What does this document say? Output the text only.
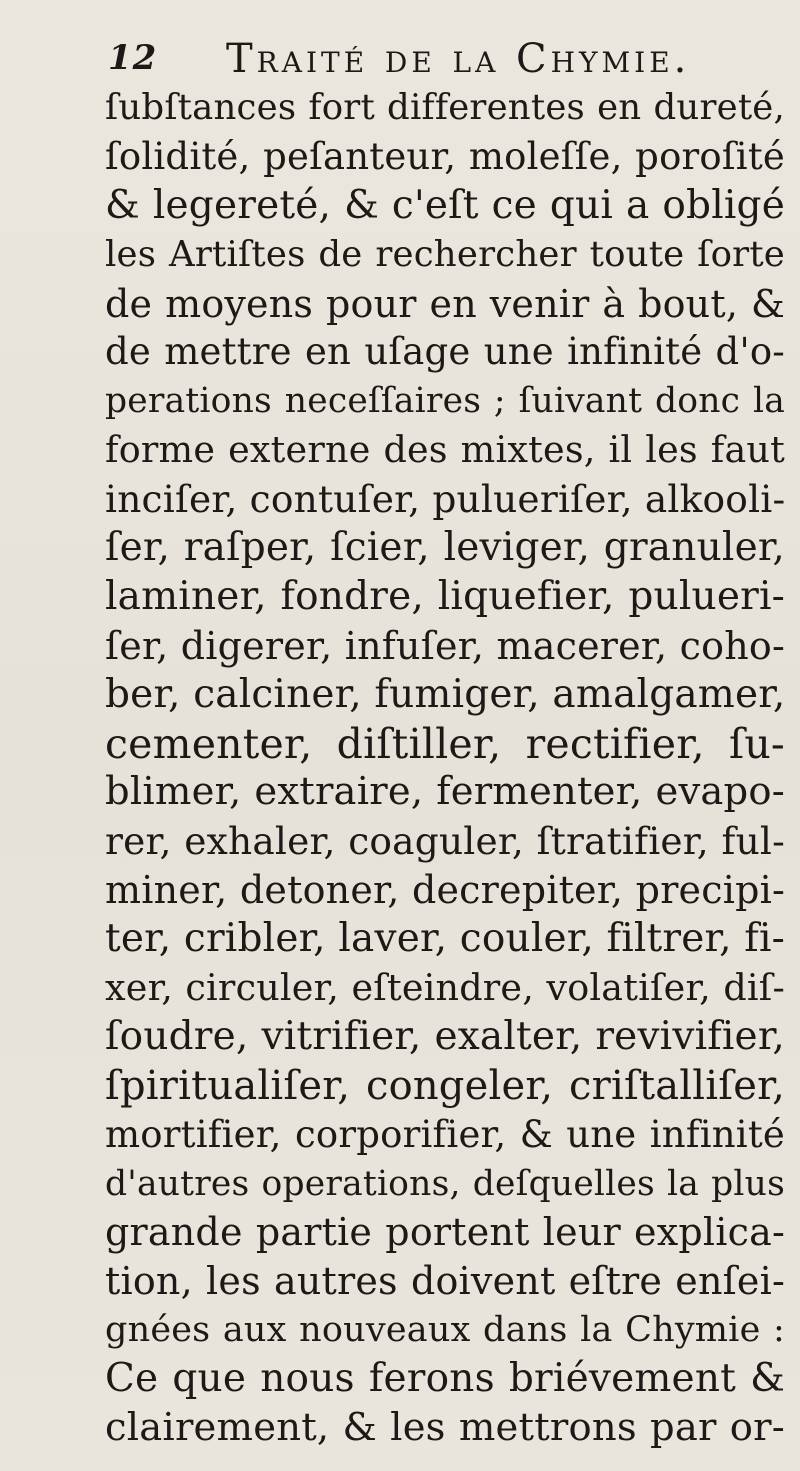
12 Traité de la Chymie.
ſubſtances fort differentes en dureté,
ſolidité, peſanteur, moleſſe, poroſité
& legereté, & c'eſt ce qui a obligé
les Artiſtes de rechercher toute ſorte
de moyens pour en venir à bout, &
de mettre en uſage une infinité d'o-
perations neceſſaires ; ſuivant donc la
forme externe des mixtes, il les faut
inciſer, contuſer, pulueriſer, alkooli-
ſer, raſper, ſcier, leviger, granuler,
laminer, fondre, liquefier, pulueri-
ſer, digerer, infuſer, macerer, coho-
ber, calciner, fumiger, amalgamer,
cementer, diſtiller, rectifier, ſu-
blimer, extraire, fermenter, evapo-
rer, exhaler, coaguler, ſtratifier, ful-
miner, detoner, decrepiter, precipi-
ter, cribler, laver, couler, filtrer, fi-
xer, circuler, eſteindre, volatiſer, diſ-
ſoudre, vitrifier, exalter, revivifier,
ſpiritualiſer, congeler, criſtalliſer,
mortifier, corporifier, & une infinité
d'autres operations, deſquelles la plus
grande partie portent leur explica-
tion, les autres doivent eſtre enſei-
gnées aux nouveaux dans la Chymie :
Ce que nous ferons briévement &
clairement, & les mettrons par or-
